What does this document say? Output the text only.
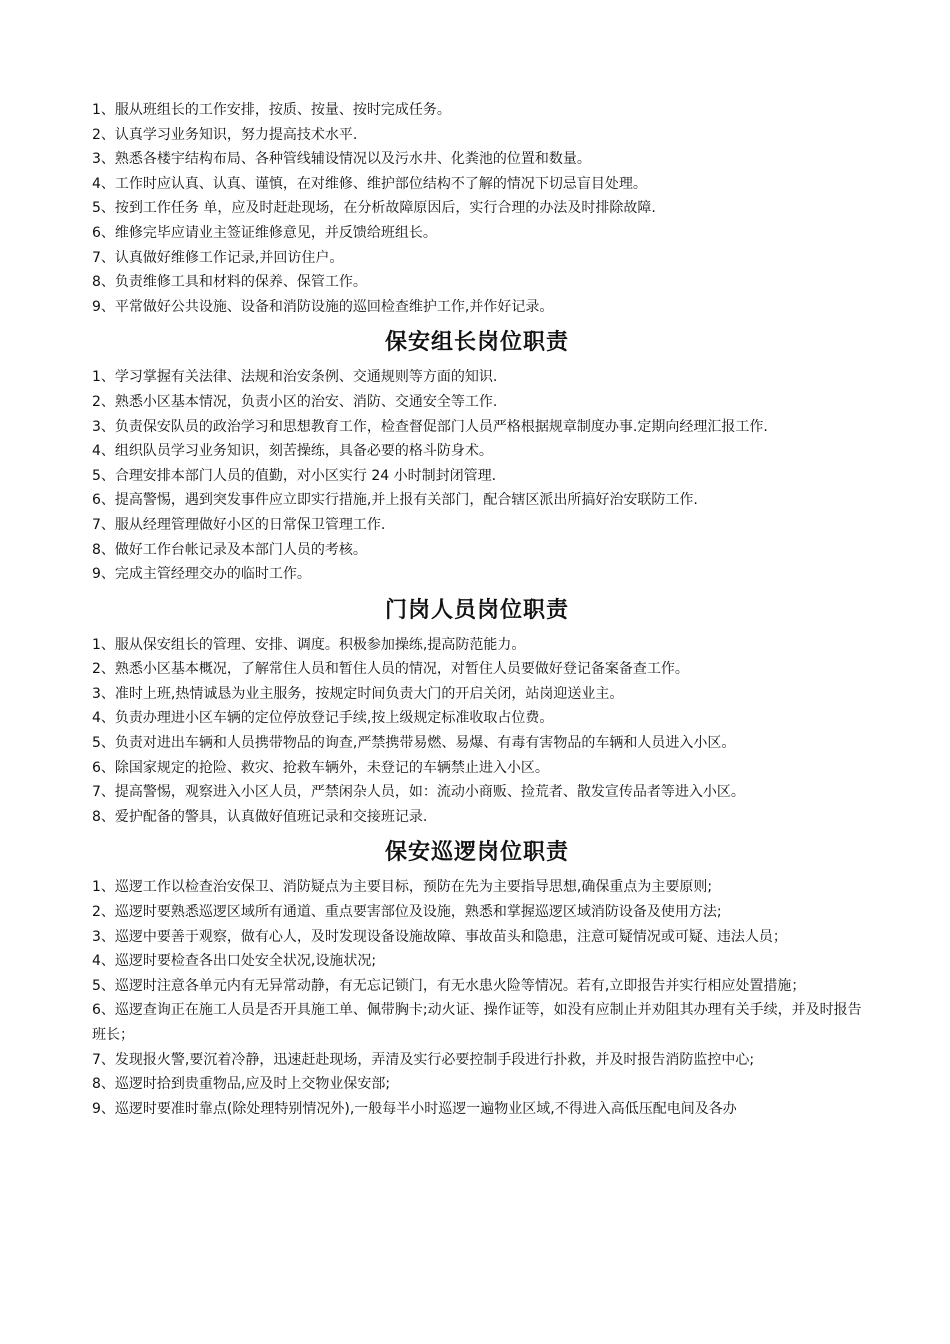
1、服从班组长的工作安排，按质、按量、按时完成任务。
2、认真学习业务知识，努力提高技术水平.
3、熟悉各楼宇结构布局、各种管线辅设情况以及污水井、化粪池的位置和数量。
4、工作时应认真、认真、谨慎，在对维修、维护部位结构不了解的情况下切忌盲目处理。
5、按到工作任务 单，应及时赶赴现场，在分析故障原因后，实行合理的办法及时排除故障.
6、维修完毕应请业主签证维修意见，并反馈给班组长。
7、认真做好维修工作记录,并回访住户。
8、负责维修工具和材料的保养、保管工作。
9、平常做好公共设施、设备和消防设施的巡回检查维护工作,并作好记录。
保安组长岗位职责
1、学习掌握有关法律、法规和治安条例、交通规则等方面的知识.
2、熟悉小区基本情况，负责小区的治安、消防、交通安全等工作.
3、负责保安队员的政治学习和思想教育工作，检查督促部门人员严格根据规章制度办事.定期向经理汇报工作.
4、组织队员学习业务知识，刻苦操练，具备必要的格斗防身术。
5、合理安排本部门人员的值勤，对小区实行 24 小时制封闭管理.
6、提高警惕，遇到突发事件应立即实行措施,并上报有关部门，配合辖区派出所搞好治安联防工作.
7、服从经理管理做好小区的日常保卫管理工作.
8、做好工作台帐记录及本部门人员的考核。
9、完成主管经理交办的临时工作。
门岗人员岗位职责
1、服从保安组长的管理、安排、调度。积极参加操练,提高防范能力。
2、熟悉小区基本概况，了解常住人员和暂住人员的情况，对暂住人员要做好登记备案备查工作。
3、准时上班,热情诚恳为业主服务，按规定时间负责大门的开启关闭，站岗迎送业主。
4、负责办理进小区车辆的定位停放登记手续,按上级规定标准收取占位费。
5、负责对进出车辆和人员携带物品的询查,严禁携带易燃、易爆、有毒有害物品的车辆和人员进入小区。
6、除国家规定的抢险、救灾、抢救车辆外，未登记的车辆禁止进入小区。
7、提高警惕，观察进入小区人员，严禁闲杂人员，如：流动小商贩、捡荒者、散发宣传品者等进入小区。
8、爱护配备的警具，认真做好值班记录和交接班记录.
保安巡逻岗位职责
1、巡逻工作以检查治安保卫、消防疑点为主要目标，预防在先为主要指导思想,确保重点为主要原则;
2、巡逻时要熟悉巡逻区域所有通道、重点要害部位及设施，熟悉和掌握巡逻区域消防设备及使用方法;
3、巡逻中要善于观察，做有心人，及时发现设备设施故障、事故苗头和隐患，注意可疑情况或可疑、违法人员；
4、巡逻时要检查各出口处安全状况,设施状况;
5、巡逻时注意各单元内有无异常动静，有无忘记锁门，有无水患火险等情况。若有,立即报告并实行相应处置措施；
6、巡逻查询正在施工人员是否开具施工单、佩带胸卡;动火证、操作证等，如没有应制止并劝阻其办理有关手续，并及时报告班长；
7、发现报火警,要沉着冷静，迅速赶赴现场，弄清及实行必要控制手段进行扑救，并及时报告消防监控中心;
8、巡逻时拾到贵重物品,应及时上交物业保安部;
9、巡逻时要准时靠点(除处理特别情况外),一般每半小时巡逻一遍物业区域,不得进入高低压配电间及各办
